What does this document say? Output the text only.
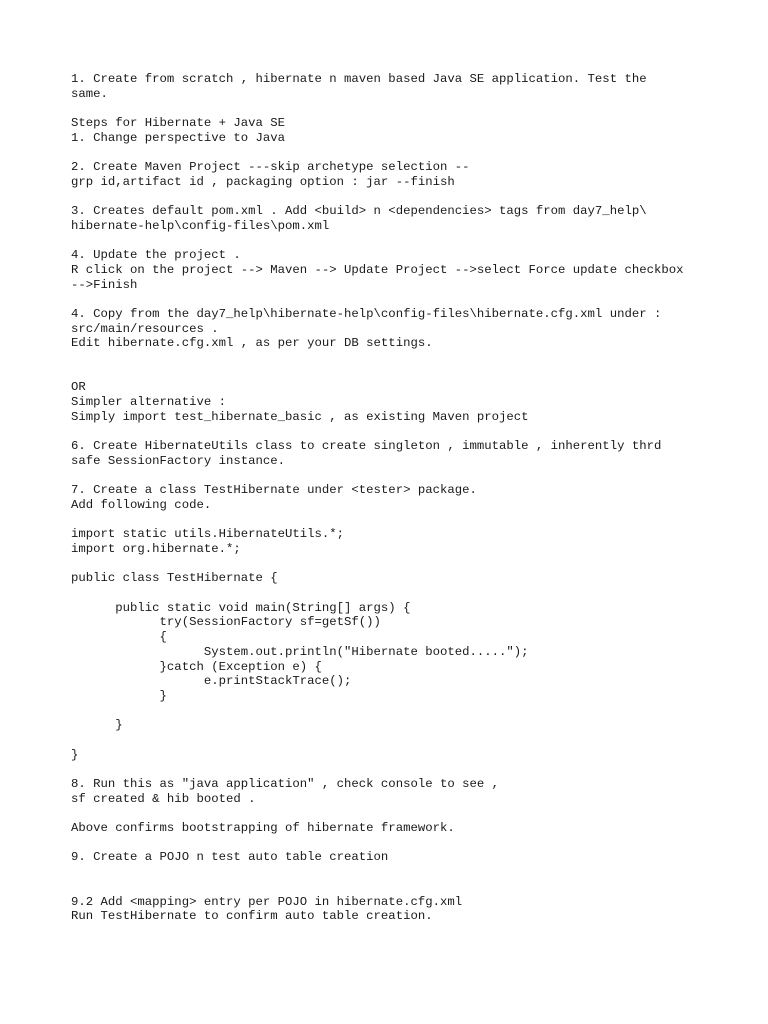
1. Create from scratch , hibernate n maven based Java SE application. Test the
same.
Steps for Hibernate + Java SE
1. Change perspective to Java
2. Create Maven Project ---skip archetype selection --
grp id,artifact id , packaging option : jar --finish
3. Creates default pom.xml . Add <build> n <dependencies> tags from day7_help\
hibernate-help\config-files\pom.xml
4. Update the project .
R click on the project --> Maven --> Update Project -->select Force update checkbox
-->Finish
4. Copy from the day7_help\hibernate-help\config-files\hibernate.cfg.xml under :
src/main/resources .
Edit hibernate.cfg.xml , as per your DB settings.
OR
Simpler alternative :
Simply import test_hibernate_basic , as existing Maven project
6. Create HibernateUtils class to create singleton , immutable , inherently thrd
safe SessionFactory instance.
7. Create a class TestHibernate under <tester> package.
Add following code.
import static utils.HibernateUtils.*;
import org.hibernate.*;
public class TestHibernate {
public static void main(String[] args) {
try(SessionFactory sf=getSf())
{
System.out.println("Hibernate booted.....");
}catch (Exception e) {
e.printStackTrace();
}
}
}
8. Run this as "java application" , check console to see ,
sf created & hib booted .
Above confirms bootstrapping of hibernate framework.
9. Create a POJO n test auto table creation
9.2 Add <mapping> entry per POJO in hibernate.cfg.xml
Run TestHibernate to confirm auto table creation.
